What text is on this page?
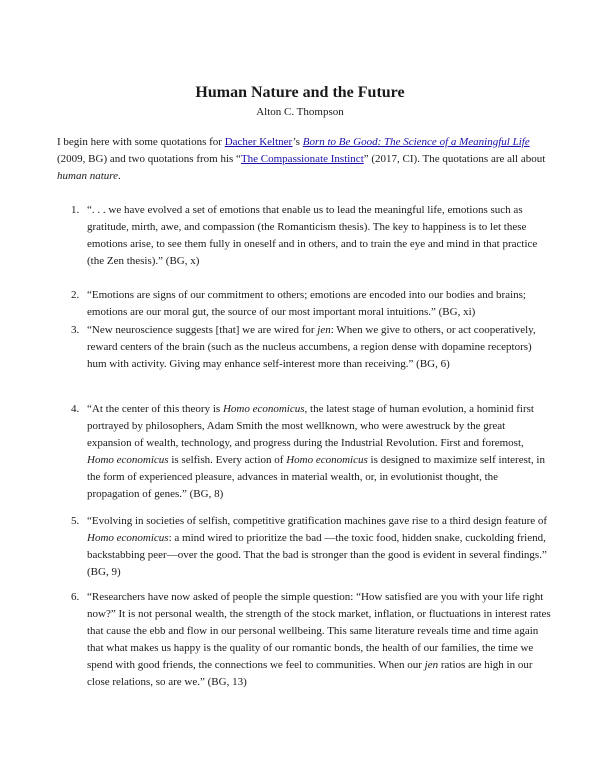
Human Nature and the Future

Alton C. Thompson

I begin here with some quotations for Dacher Keltner’s Born to Be Good: The Science of a Meaningful Life (2009, BG) and two quotations from his “The Compassionate Instinct” (2017, CI). The quotations are all about human nature.

1. “. . . we have evolved a set of emotions that enable us to lead the meaningful life, emotions such as gratitude, mirth, awe, and compassion (the Romanticism thesis). The key to happiness is to let these emotions arise, to see them fully in oneself and in others, and to train the eye and mind in that practice (the Zen thesis).” (BG, x)
2. “Emotions are signs of our commitment to others; emotions are encoded into our bodies and brains; emotions are our moral gut, the source of our most important moral intuitions.” (BG, xi)
3. “New neuroscience suggests [that] we are wired for jen: When we give to others, or act cooperatively, reward centers of the brain (such as the nucleus accumbens, a region dense with dopamine receptors) hum with activity. Giving may enhance self-interest more than receiving.” (BG, 6)
4. “At the center of this theory is Homo economicus, the latest stage of human evolution, a hominid first portrayed by philosophers, Adam Smith the most wellknown, who were awestruck by the great expansion of wealth, technology, and progress during the Industrial Revolution. First and foremost, Homo economicus is selfish. Every action of Homo economicus is designed to maximize self interest, in the form of experienced pleasure, advances in material wealth, or, in evolutionist thought, the propagation of genes.” (BG, 8)
5. “Evolving in societies of selfish, competitive gratification machines gave rise to a third design feature of Homo economicus: a mind wired to prioritize the bad —the toxic food, hidden snake, cuckolding friend, backstabbing peer—over the good. That the bad is stronger than the good is evident in several findings.” (BG, 9)
6. “Researchers have now asked of people the simple question: “How satisfied are you with your life right now?” It is not personal wealth, the strength of the stock market, inflation, or fluctuations in interest rates that cause the ebb and flow in our personal wellbeing. This same literature reveals time and time again that what makes us happy is the quality of our romantic bonds, the health of our families, the time we spend with good friends, the connections we feel to communities. When our jen ratios are high in our close relations, so are we.” (BG, 13)
